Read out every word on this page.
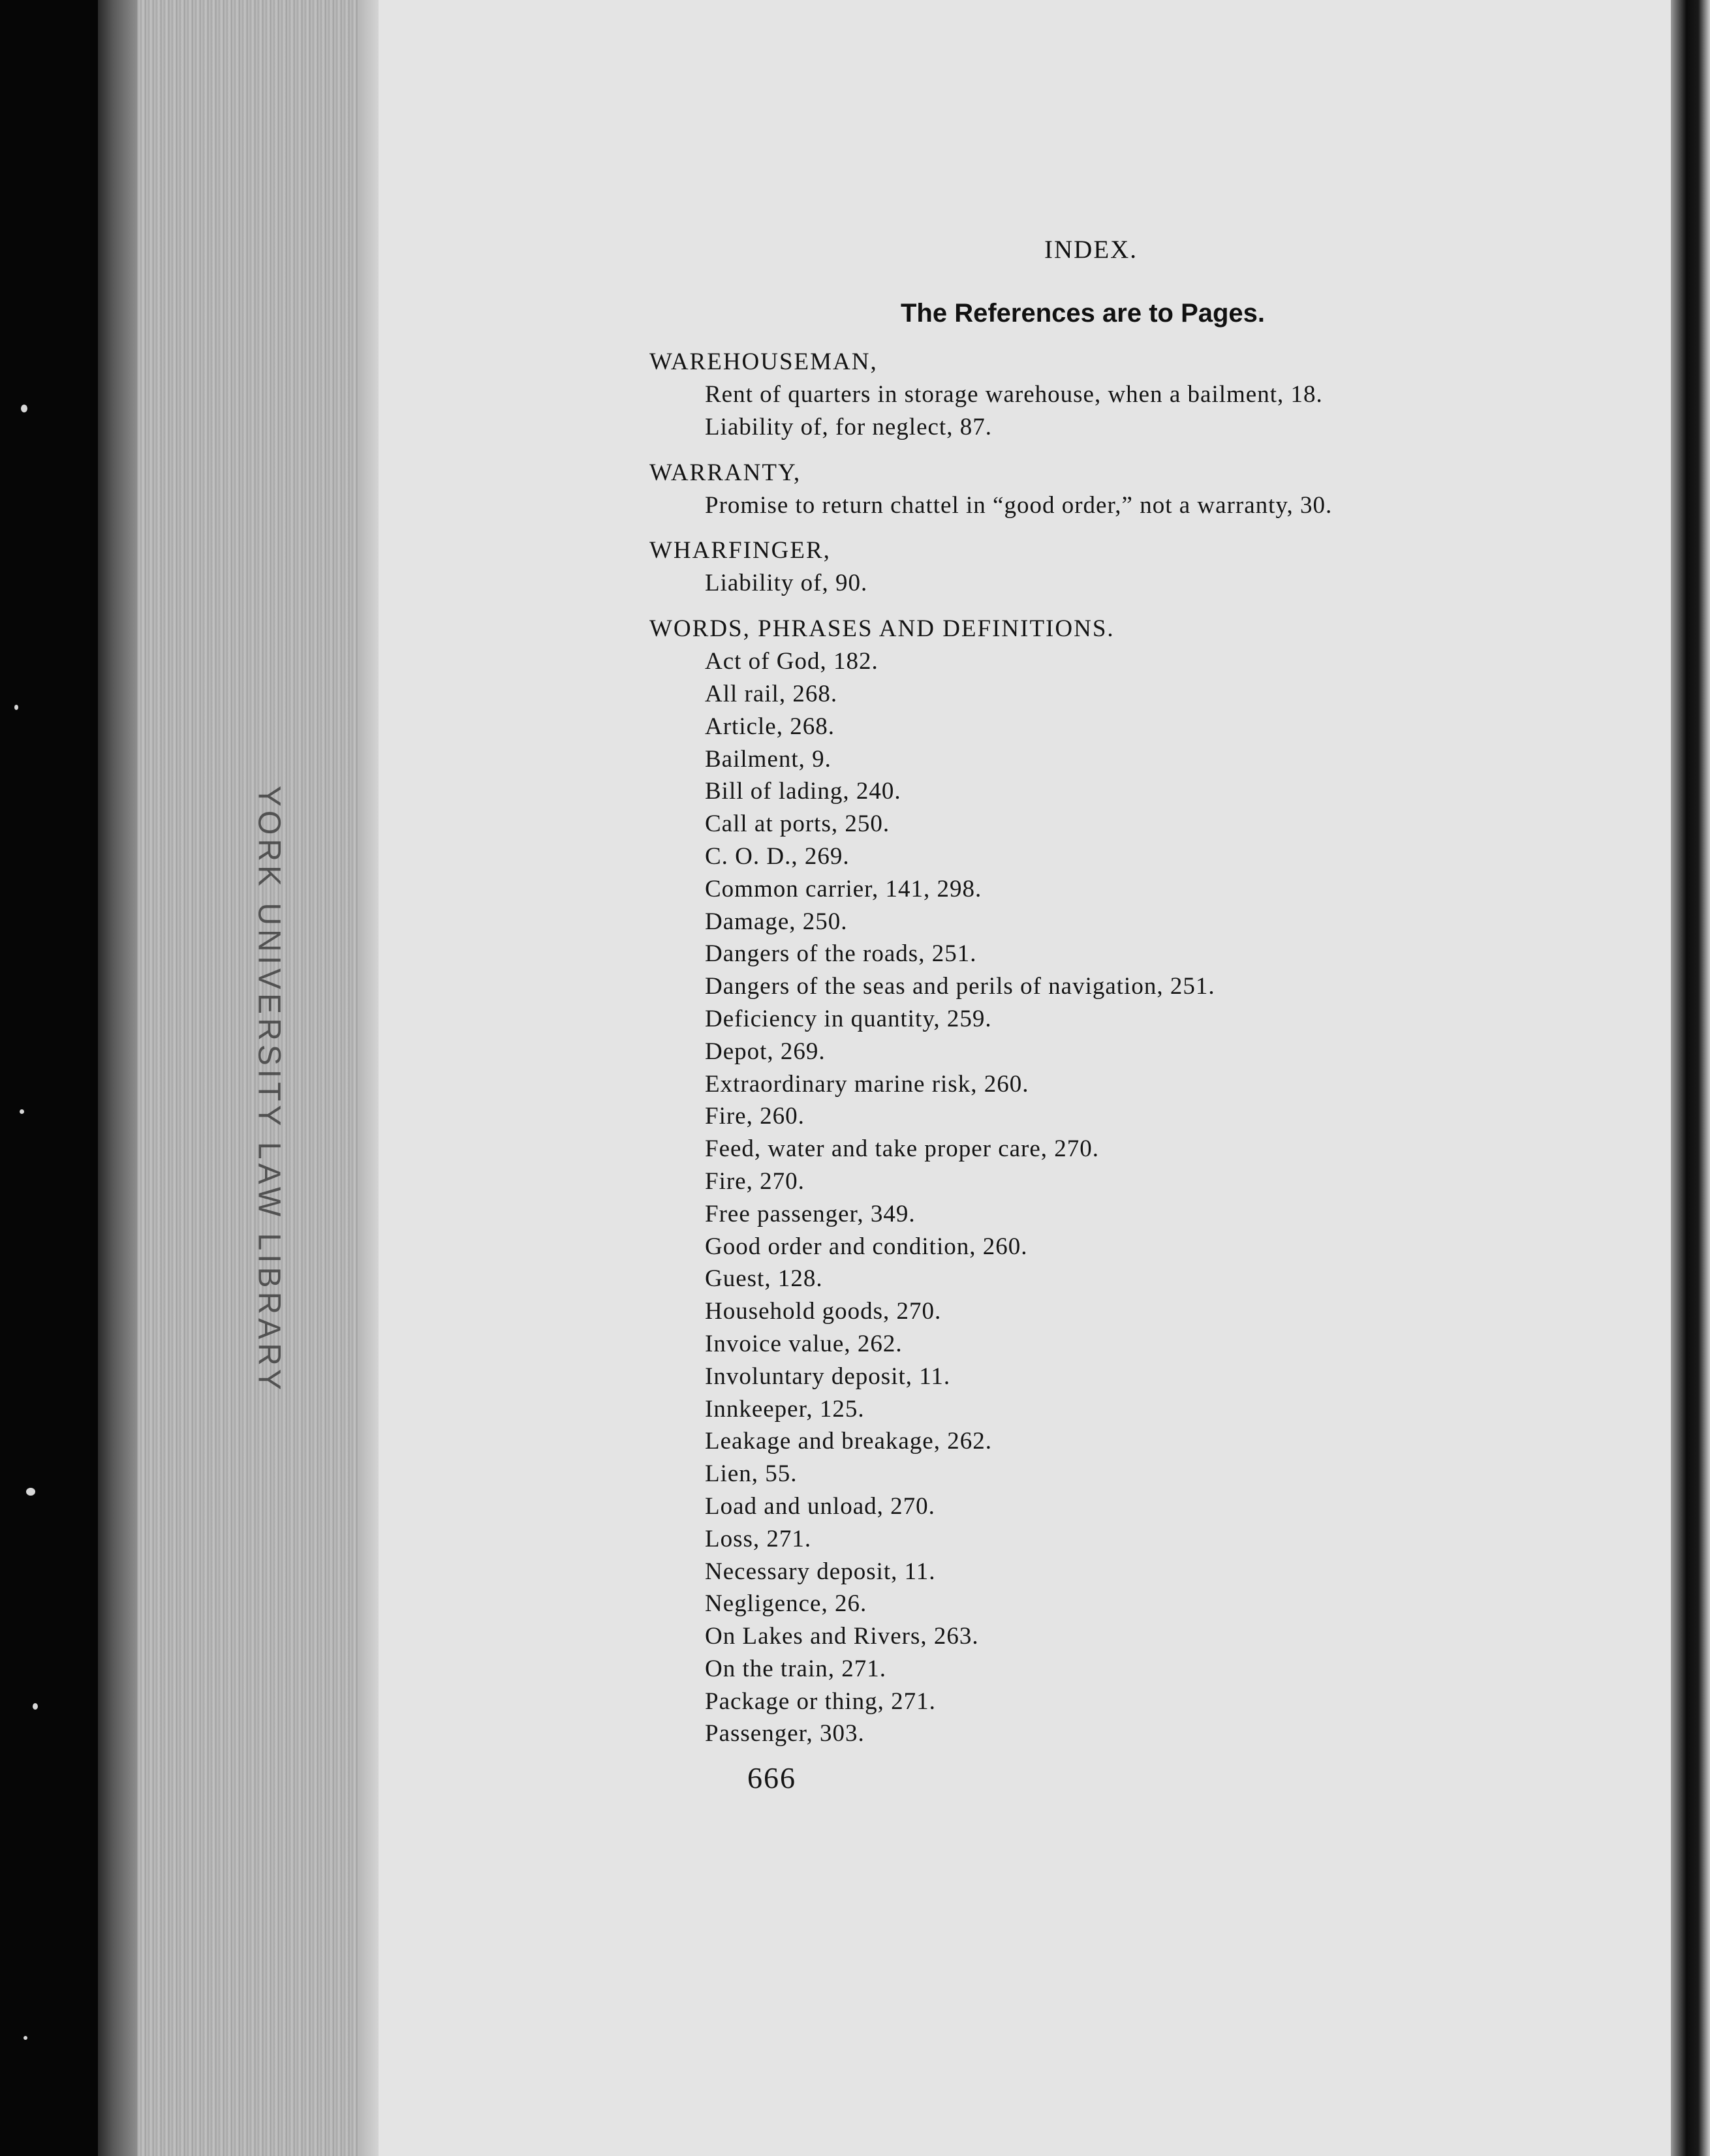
YORK UNIVERSITY LAW LIBRARY
INDEX.
The References are to Pages.

WAREHOUSEMAN,

Rent of quarters in storage warehouse, when a bailment, 18.

Liability of, for neglect, 87.

WARRANTY,

Promise to return chattel in “good order,” not a warranty, 30.

WHARFINGER,

Liability of, 90.

WORDS, PHRASES AND DEFINITIONS.

Act of God, 182.

All rail, 268.

Article, 268.

Bailment, 9.

Bill of lading, 240.

Call at ports, 250.

C. O. D., 269.

Common carrier, 141, 298.

Damage, 250.

Dangers of the roads, 251.

Dangers of the seas and perils of navigation, 251.

Deficiency in quantity, 259.

Depot, 269.

Extraordinary marine risk, 260.

Fire, 260.

Feed, water and take proper care, 270.

Fire, 270.

Free passenger, 349.

Good order and condition, 260.

Guest, 128.

Household goods, 270.

Invoice value, 262.

Involuntary deposit, 11.

Innkeeper, 125.

Leakage and breakage, 262.

Lien, 55.

Load and unload, 270.

Loss, 271.

Necessary deposit, 11.

Negligence, 26.

On Lakes and Rivers, 263.

On the train, 271.

Package or thing, 271.

Passenger, 303.

666
